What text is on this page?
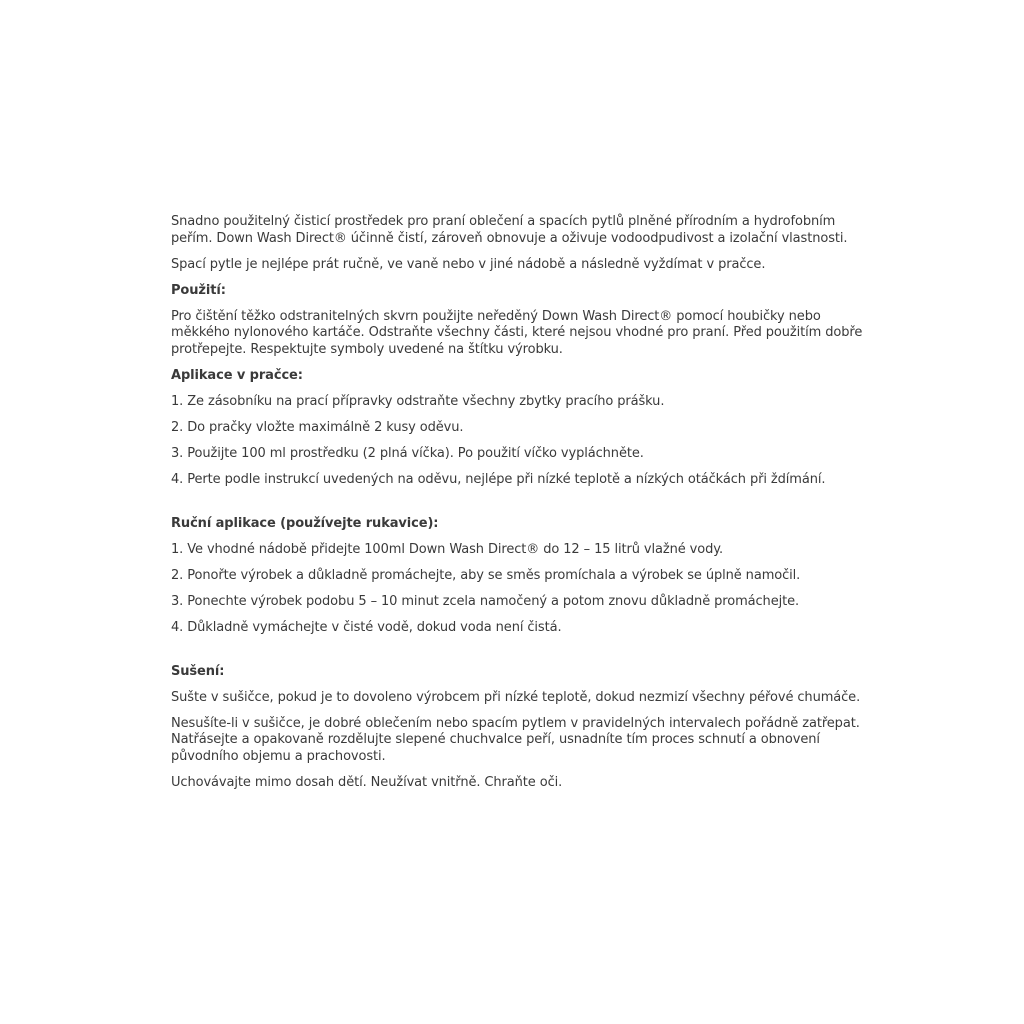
Snadno použitelný čisticí prostředek pro praní oblečení a spacích pytlů plněné přírodním a hydrofobním
peřím. Down Wash Direct® účinně čistí, zároveň obnovuje a oživuje vodoodpudivost a izolační vlastnosti.

Spací pytle je nejlépe prát ručně, ve vaně nebo v jiné nádobě a následně vyždímat v pračce.

Použití:

Pro čištění těžko odstranitelných skvrn použijte neředěný Down Wash Direct® pomocí houbičky nebo
měkkého nylonového kartáče. Odstraňte všechny části, které nejsou vhodné pro praní. Před použitím dobře
protřepejte. Respektujte symboly uvedené na štítku výrobku.

Aplikace v pračce:

1. Ze zásobníku na prací přípravky odstraňte všechny zbytky pracího prášku.

2. Do pračky vložte maximálně 2 kusy oděvu.

3. Použijte 100 ml prostředku (2 plná víčka). Po použití víčko vypláchněte.

4. Perte podle instrukcí uvedených na oděvu, nejlépe při nízké teplotě a nízkých otáčkách při ždímání.

Ruční aplikace (používejte rukavice):

1. Ve vhodné nádobě přidejte 100ml Down Wash Direct® do 12 – 15 litrů vlažné vody.

2. Ponořte výrobek a důkladně promáchejte, aby se směs promíchala a výrobek se úplně namočil.

3. Ponechte výrobek podobu 5 – 10 minut zcela namočený a potom znovu důkladně promáchejte.

4. Důkladně vymáchejte v čisté vodě, dokud voda není čistá.

Sušení:

Sušte v sušičce, pokud je to dovoleno výrobcem při nízké teplotě, dokud nezmizí všechny péřové chumáče.

Nesušíte-li v sušičce, je dobré oblečením nebo spacím pytlem v pravidelných intervalech pořádně zatřepat.
Natřásejte a opakovaně rozdělujte slepené chuchvalce peří, usnadníte tím proces schnutí a obnovení
původního objemu a prachovosti.

Uchovávajte mimo dosah dětí. Neužívat vnitřně. Chraňte oči.
